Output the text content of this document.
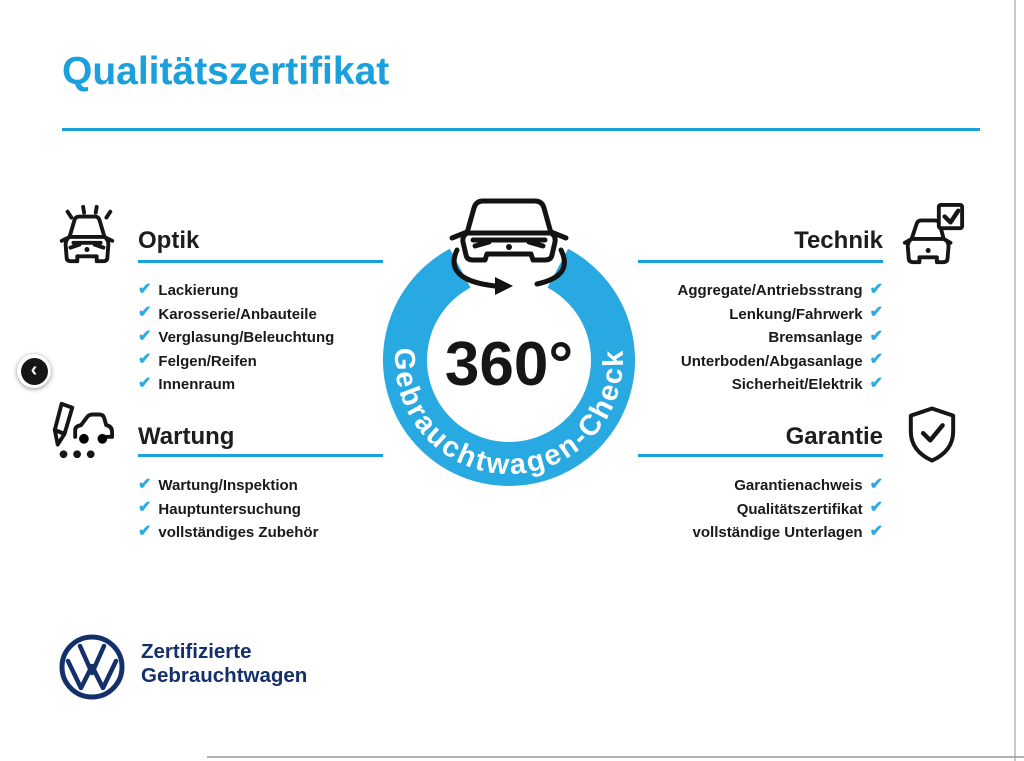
Qualitätszertifikat
‹
Optik
✔ Lackierung
✔ Karosserie/Anbauteile
✔ Verglasung/Beleuchtung
✔ Felgen/Reifen
✔ Innenraum
Technik
✔
Aggregate/Antriebsstrang
✔
Lenkung/Fahrwerk
✔
Bremsanlage
✔
Unterboden/Abgasanlage
✔
Sicherheit/Elektrik
Wartung
✔ Wartung/Inspektion
✔ Hauptuntersuchung
✔ vollständiges Zubehör
Garantie
✔
Garantienachweis
✔
Qualitätszertifikat
✔
vollständige Unterlagen
Gebrauchtwagen-Check
360°
Zertifizierte
Gebrauchtwagen
